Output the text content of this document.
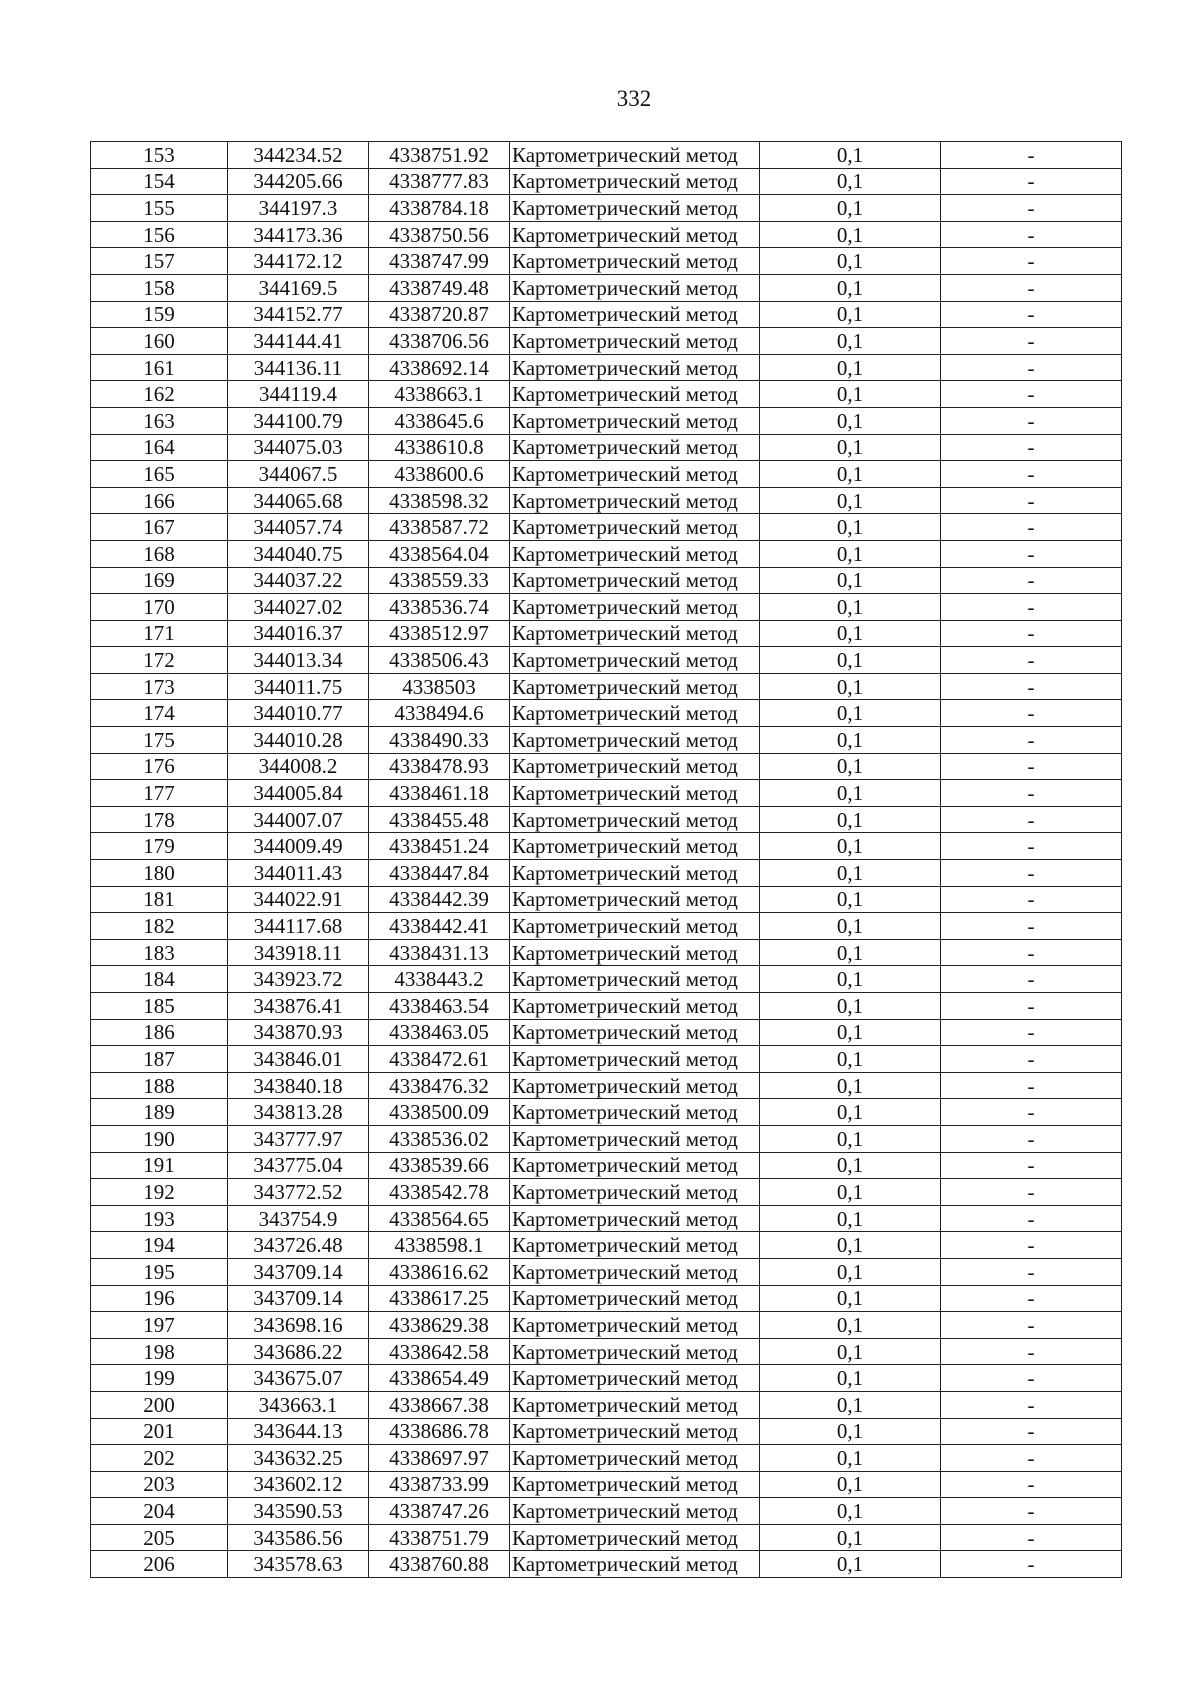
332
153	344234.52	4338751.92	Картометрический метод	0,1	-
154	344205.66	4338777.83	Картометрический метод	0,1	-
155	344197.3	4338784.18	Картометрический метод	0,1	-
156	344173.36	4338750.56	Картометрический метод	0,1	-
157	344172.12	4338747.99	Картометрический метод	0,1	-
158	344169.5	4338749.48	Картометрический метод	0,1	-
159	344152.77	4338720.87	Картометрический метод	0,1	-
160	344144.41	4338706.56	Картометрический метод	0,1	-
161	344136.11	4338692.14	Картометрический метод	0,1	-
162	344119.4	4338663.1	Картометрический метод	0,1	-
163	344100.79	4338645.6	Картометрический метод	0,1	-
164	344075.03	4338610.8	Картометрический метод	0,1	-
165	344067.5	4338600.6	Картометрический метод	0,1	-
166	344065.68	4338598.32	Картометрический метод	0,1	-
167	344057.74	4338587.72	Картометрический метод	0,1	-
168	344040.75	4338564.04	Картометрический метод	0,1	-
169	344037.22	4338559.33	Картометрический метод	0,1	-
170	344027.02	4338536.74	Картометрический метод	0,1	-
171	344016.37	4338512.97	Картометрический метод	0,1	-
172	344013.34	4338506.43	Картометрический метод	0,1	-
173	344011.75	4338503	Картометрический метод	0,1	-
174	344010.77	4338494.6	Картометрический метод	0,1	-
175	344010.28	4338490.33	Картометрический метод	0,1	-
176	344008.2	4338478.93	Картометрический метод	0,1	-
177	344005.84	4338461.18	Картометрический метод	0,1	-
178	344007.07	4338455.48	Картометрический метод	0,1	-
179	344009.49	4338451.24	Картометрический метод	0,1	-
180	344011.43	4338447.84	Картометрический метод	0,1	-
181	344022.91	4338442.39	Картометрический метод	0,1	-
182	344117.68	4338442.41	Картометрический метод	0,1	-
183	343918.11	4338431.13	Картометрический метод	0,1	-
184	343923.72	4338443.2	Картометрический метод	0,1	-
185	343876.41	4338463.54	Картометрический метод	0,1	-
186	343870.93	4338463.05	Картометрический метод	0,1	-
187	343846.01	4338472.61	Картометрический метод	0,1	-
188	343840.18	4338476.32	Картометрический метод	0,1	-
189	343813.28	4338500.09	Картометрический метод	0,1	-
190	343777.97	4338536.02	Картометрический метод	0,1	-
191	343775.04	4338539.66	Картометрический метод	0,1	-
192	343772.52	4338542.78	Картометрический метод	0,1	-
193	343754.9	4338564.65	Картометрический метод	0,1	-
194	343726.48	4338598.1	Картометрический метод	0,1	-
195	343709.14	4338616.62	Картометрический метод	0,1	-
196	343709.14	4338617.25	Картометрический метод	0,1	-
197	343698.16	4338629.38	Картометрический метод	0,1	-
198	343686.22	4338642.58	Картометрический метод	0,1	-
199	343675.07	4338654.49	Картометрический метод	0,1	-
200	343663.1	4338667.38	Картометрический метод	0,1	-
201	343644.13	4338686.78	Картометрический метод	0,1	-
202	343632.25	4338697.97	Картометрический метод	0,1	-
203	343602.12	4338733.99	Картометрический метод	0,1	-
204	343590.53	4338747.26	Картометрический метод	0,1	-
205	343586.56	4338751.79	Картометрический метод	0,1	-
206	343578.63	4338760.88	Картометрический метод	0,1	-
